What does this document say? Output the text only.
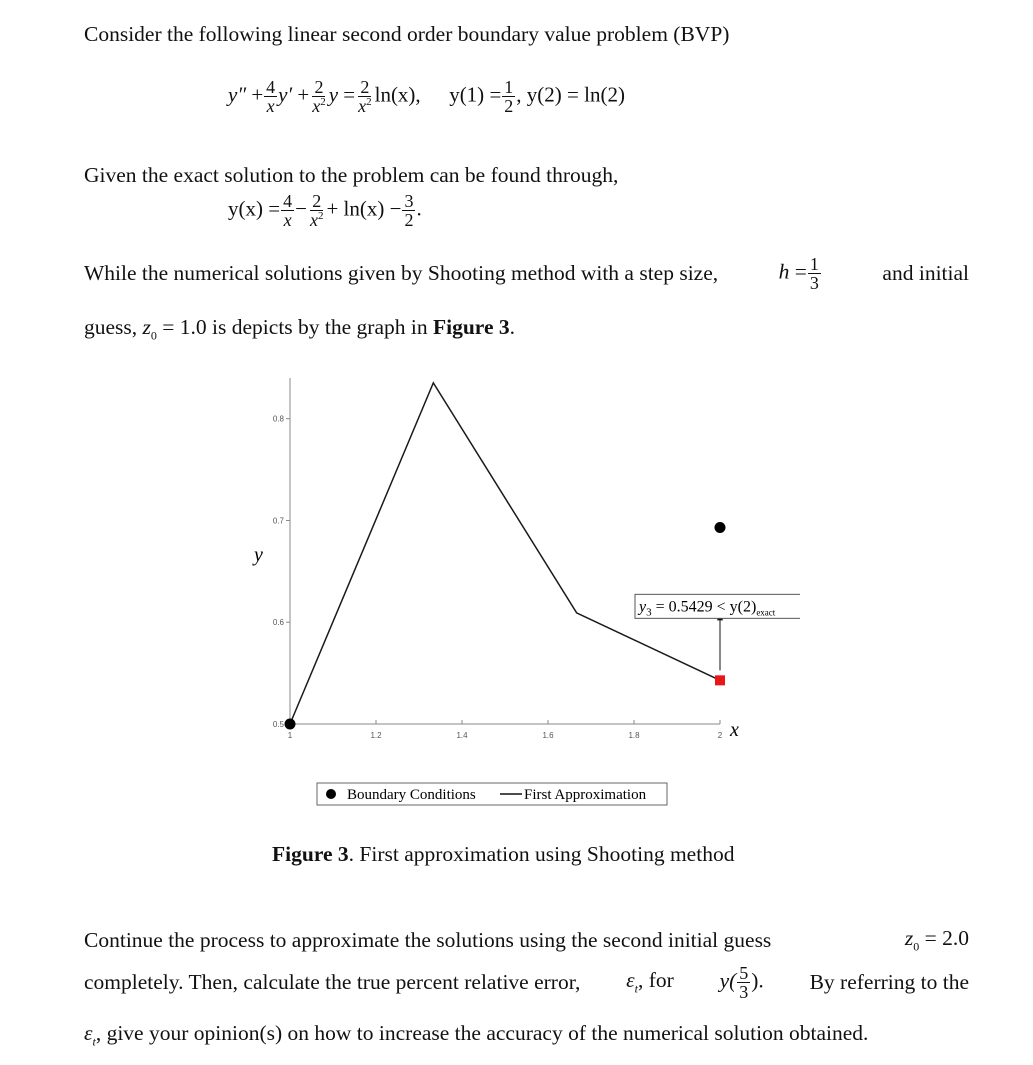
Consider the following linear second order boundary value problem (BVP)
$y'' + \frac{4}{x} y' + \frac{2}{x^2}$ $y = \frac{2}{x^2} \ln(x)$, $y(1) = \frac{1}{2}$ , y(2) = ln(2)
Given the exact solution to the problem can be found through,
$y(x) = \frac{4}{x} - \frac{2}{x^2} + \ln(x) - \frac{3}{2}$ .
While the numerical solutions given by Shooting method with a step size,	$h = \frac{1}{3}$	and initial
guess, $z_0 = 1.0$ is depicts by the graph in Figure 3.
0.5
0.6
0.7
0.8
1	1.2	1.4	1.6	1.8	2
y
x
$y_3 = 0.5429 < y(2)_{exact}$
Boundary Conditions	First Approximation
Figure 3. First approximation using Shooting method
Continue the process to approximate the solutions using the second initial guess	$z_0 = 2.0$
completely. Then, calculate the true percent relative error, $\varepsilon_t$, for $y( \frac{5}{3}$ ). By referring to the
$\varepsilon_t$, give your opinion(s) on how to increase the accuracy of the numerical solution obtained.
